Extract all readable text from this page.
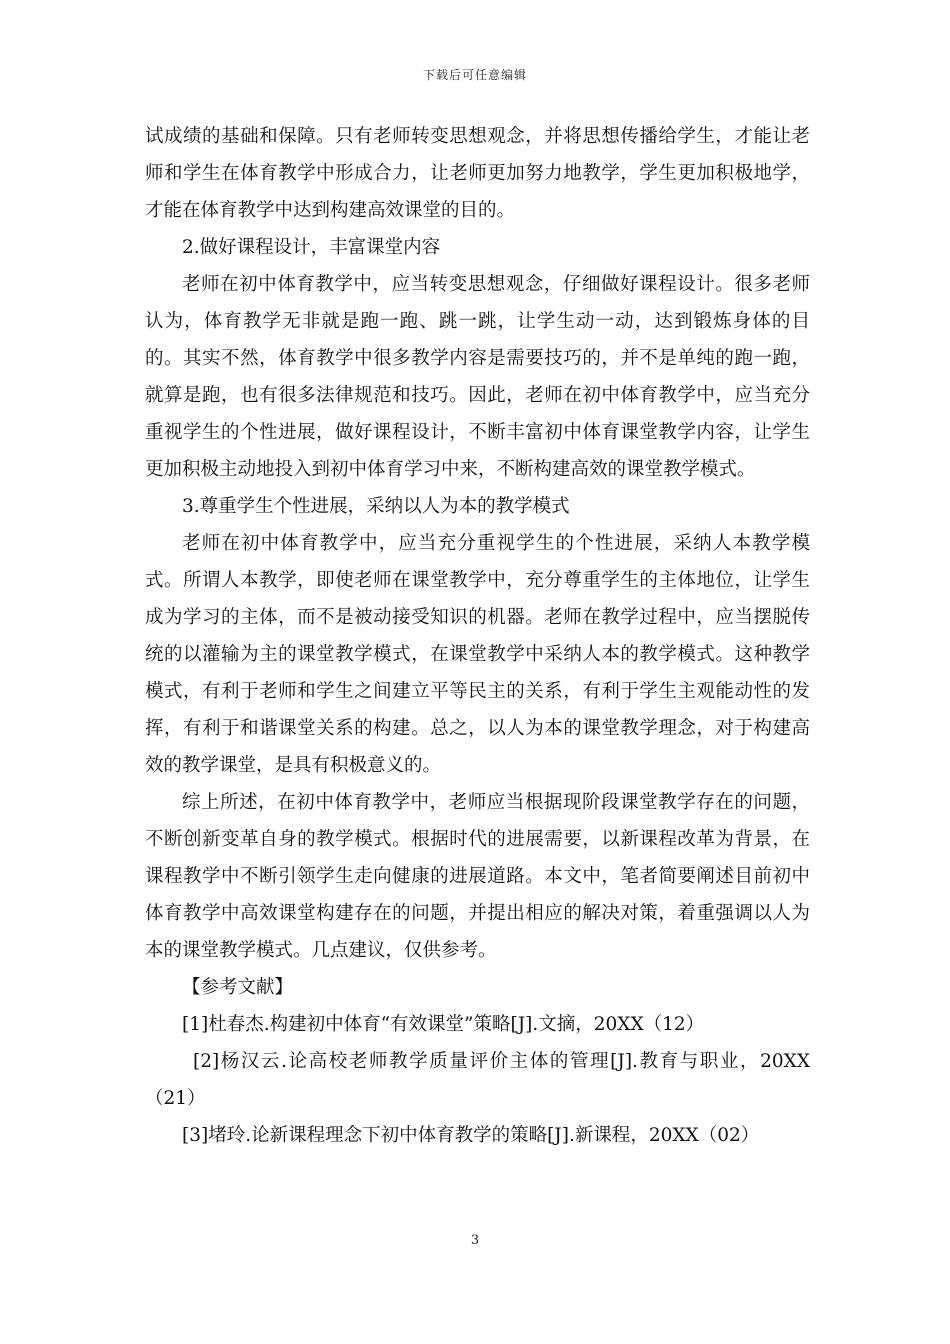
下载后可任意编辑

试成绩的基础和保障。只有老师转变思想观念，并将思想传播给学生，才能让老师和学生在体育教学中形成合力，让老师更加努力地教学，学生更加积极地学，才能在体育教学中达到构建高效课堂的目的。

2.做好课程设计，丰富课堂内容

老师在初中体育教学中，应当转变思想观念，仔细做好课程设计。很多老师认为，体育教学无非就是跑一跑、跳一跳，让学生动一动，达到锻炼身体的目的。其实不然，体育教学中很多教学内容是需要技巧的，并不是单纯的跑一跑，就算是跑，也有很多法律规范和技巧。因此，老师在初中体育教学中，应当充分重视学生的个性进展，做好课程设计，不断丰富初中体育课堂教学内容，让学生更加积极主动地投入到初中体育学习中来，不断构建高效的课堂教学模式。

3.尊重学生个性进展，采纳以人为本的教学模式

老师在初中体育教学中，应当充分重视学生的个性进展，采纳人本教学模式。所谓人本教学，即使老师在课堂教学中，充分尊重学生的主体地位，让学生成为学习的主体，而不是被动接受知识的机器。老师在教学过程中，应当摆脱传统的以灌输为主的课堂教学模式，在课堂教学中采纳人本的教学模式。这种教学模式，有利于老师和学生之间建立平等民主的关系，有利于学生主观能动性的发挥，有利于和谐课堂关系的构建。总之，以人为本的课堂教学理念，对于构建高效的教学课堂，是具有积极意义的。

综上所述，在初中体育教学中，老师应当根据现阶段课堂教学存在的问题，不断创新变革自身的教学模式。根据时代的进展需要，以新课程改革为背景，在课程教学中不断引领学生走向健康的进展道路。本文中，笔者简要阐述目前初中体育教学中高效课堂构建存在的问题，并提出相应的解决对策，着重强调以人为本的课堂教学模式。几点建议，仅供参考。

【参考文献】

[1]杜春杰.构建初中体育“有效课堂”策略[J].文摘，20XX（12）

[2]杨汉云.论高校老师教学质量评价主体的管理[J].教育与职业，20XX（21）

[3]堵玲.论新课程理念下初中体育教学的策略[J].新课程，20XX（02）

3
